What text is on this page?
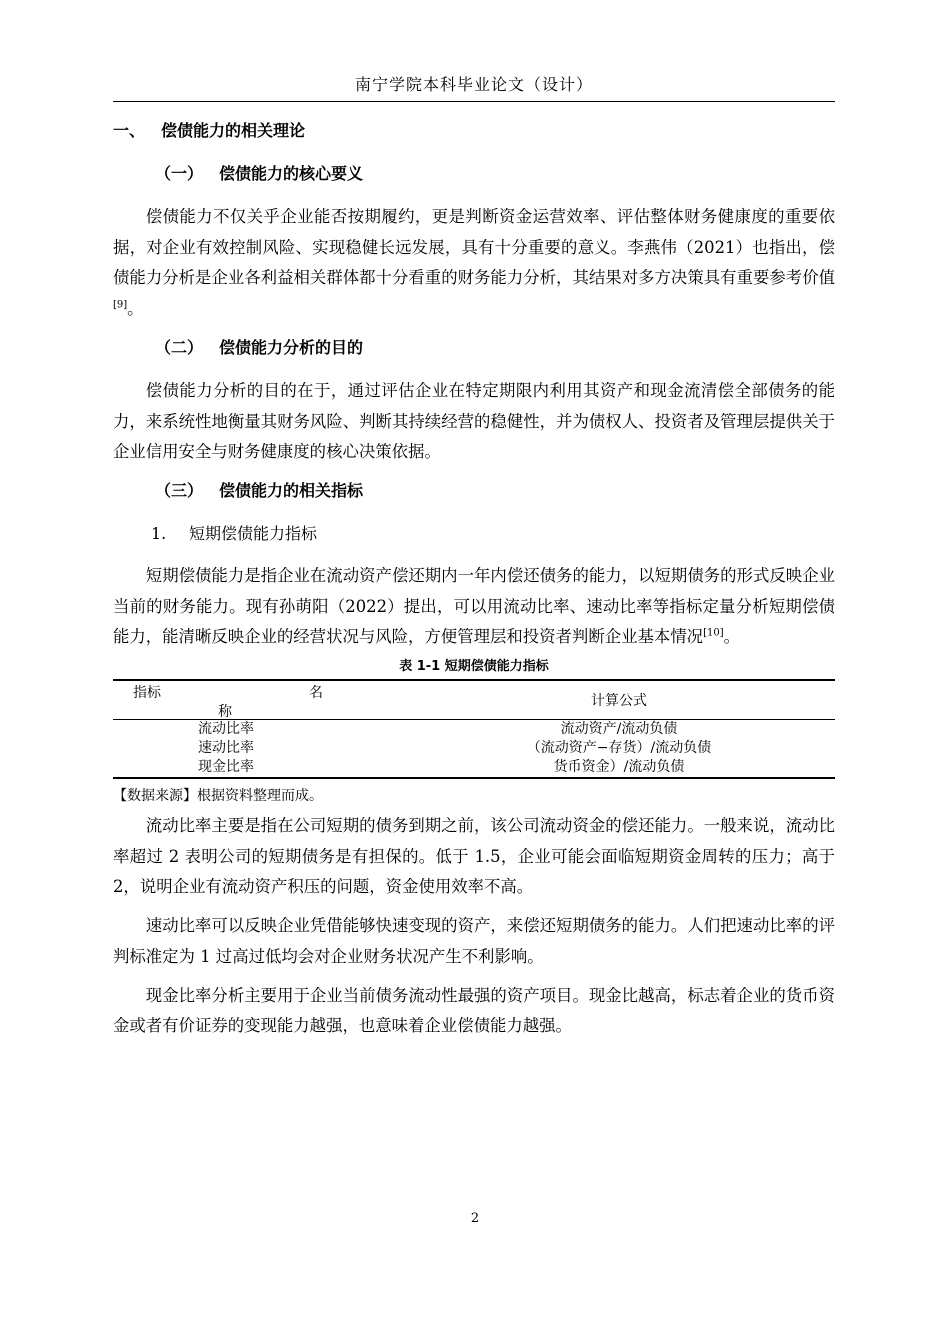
南宁学院本科毕业论文（设计）
一、 偿债能力的相关理论
（一） 偿债能力的核心要义

偿债能力不仅关乎企业能否按期履约，更是判断资金运营效率、评估整体财务健康度的重要依据，对企业有效控制风险、实现稳健长远发展，具有十分重要的意义。李燕伟（2021）也指出，偿债能力分析是企业各利益相关群体都十分看重的财务能力分析，其结果对多方决策具有重要参考价值[9]。

（二） 偿债能力分析的目的

偿债能力分析的目的在于，通过评估企业在特定期限内利用其资产和现金流清偿全部债务的能力，来系统性地衡量其财务风险、判断其持续经营的稳健性，并为债权人、投资者及管理层提供关于企业信用安全与财务健康度的核心决策依据。

（三） 偿债能力的相关指标
1. 短期偿债能力指标

短期偿债能力是指企业在流动资产偿还期内一年内偿还债务的能力，以短期债务的形式反映企业当前的财务能力。现有孙萌阳（2022）提出，可以用流动比率、速动比率等指标定量分析短期偿债能力，能清晰反映企业的经营状况与风险，方便管理层和投资者判断企业基本情况[10]。

表 1-1 短期偿债能力指标
指标 名
称	计算公式
流动比率	流动资产/流动负债
速动比率	（流动资产−存货）/流动负债
现金比率	货币资金）/流动负债
【数据来源】根据资料整理而成。

流动比率主要是指在公司短期的债务到期之前，该公司流动资金的偿还能力。一般来说，流动比率超过 2 表明公司的短期债务是有担保的。低于 1.5，企业可能会面临短期资金周转的压力；高于 2，说明企业有流动资产积压的问题，资金使用效率不高。

速动比率可以反映企业凭借能够快速变现的资产，来偿还短期债务的能力。人们把速动比率的评判标准定为 1 过高过低均会对企业财务状况产生不利影响。

现金比率分析主要用于企业当前债务流动性最强的资产项目。现金比越高，标志着企业的货币资金或者有价证券的变现能力越强，也意味着企业偿债能力越强。

2
